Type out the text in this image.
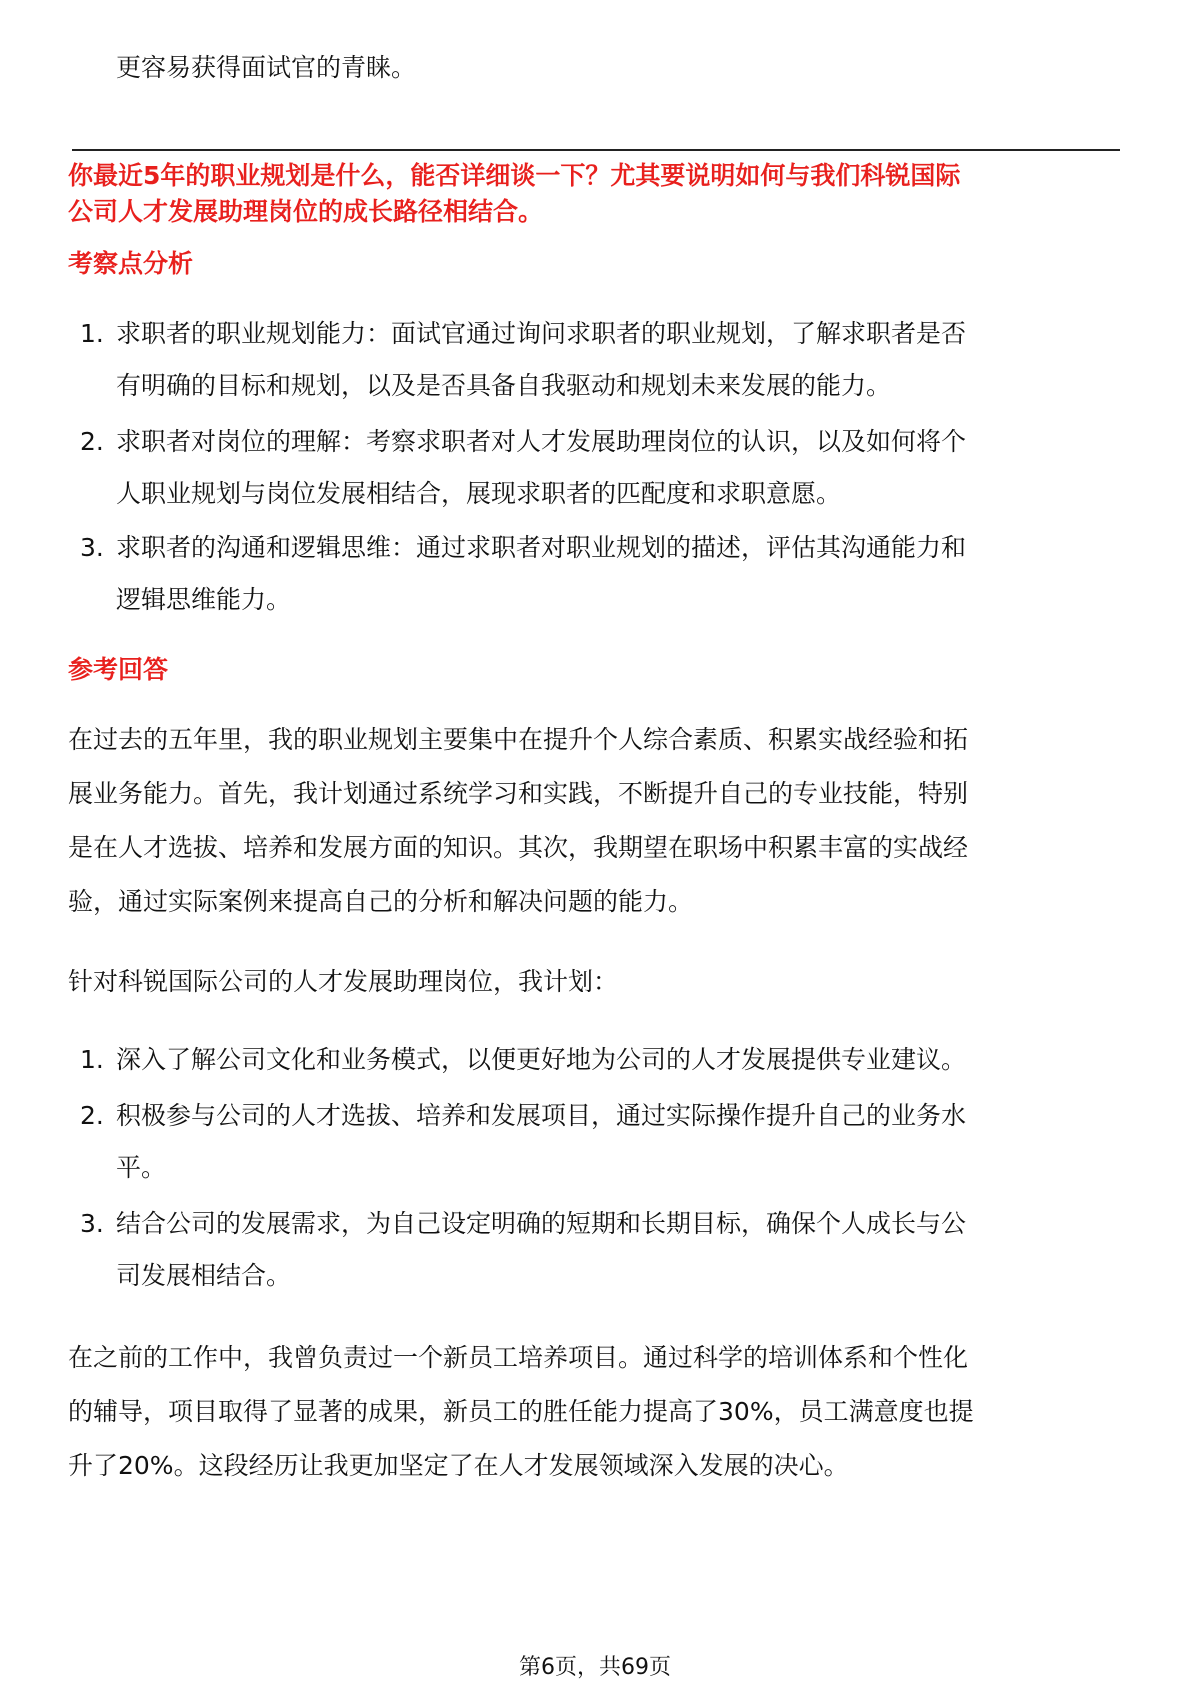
更容易获得面试官的青睐。
你最近5年的职业规划是什么，能否详细谈一下？尤其要说明如何与我们科锐国际
公司人才发展助理岗位的成长路径相结合。
考察点分析
1. 求职者的职业规划能力：面试官通过询问求职者的职业规划，了解求职者是否
有明确的目标和规划，以及是否具备自我驱动和规划未来发展的能力。
2. 求职者对岗位的理解：考察求职者对人才发展助理岗位的认识，以及如何将个
人职业规划与岗位发展相结合，展现求职者的匹配度和求职意愿。
3. 求职者的沟通和逻辑思维：通过求职者对职业规划的描述，评估其沟通能力和
逻辑思维能力。
参考回答
在过去的五年里，我的职业规划主要集中在提升个人综合素质、积累实战经验和拓
展业务能力。首先，我计划通过系统学习和实践，不断提升自己的专业技能，特别
是在人才选拔、培养和发展方面的知识。其次，我期望在职场中积累丰富的实战经
验，通过实际案例来提高自己的分析和解决问题的能力。
针对科锐国际公司的人才发展助理岗位，我计划：
1. 深入了解公司文化和业务模式，以便更好地为公司的人才发展提供专业建议。
2. 积极参与公司的人才选拔、培养和发展项目，通过实际操作提升自己的业务水
平。
3. 结合公司的发展需求，为自己设定明确的短期和长期目标，确保个人成长与公
司发展相结合。
在之前的工作中，我曾负责过一个新员工培养项目。通过科学的培训体系和个性化
的辅导，项目取得了显著的成果，新员工的胜任能力提高了30%，员工满意度也提
升了20%。这段经历让我更加坚定了在人才发展领域深入发展的决心。
第6页，共69页
